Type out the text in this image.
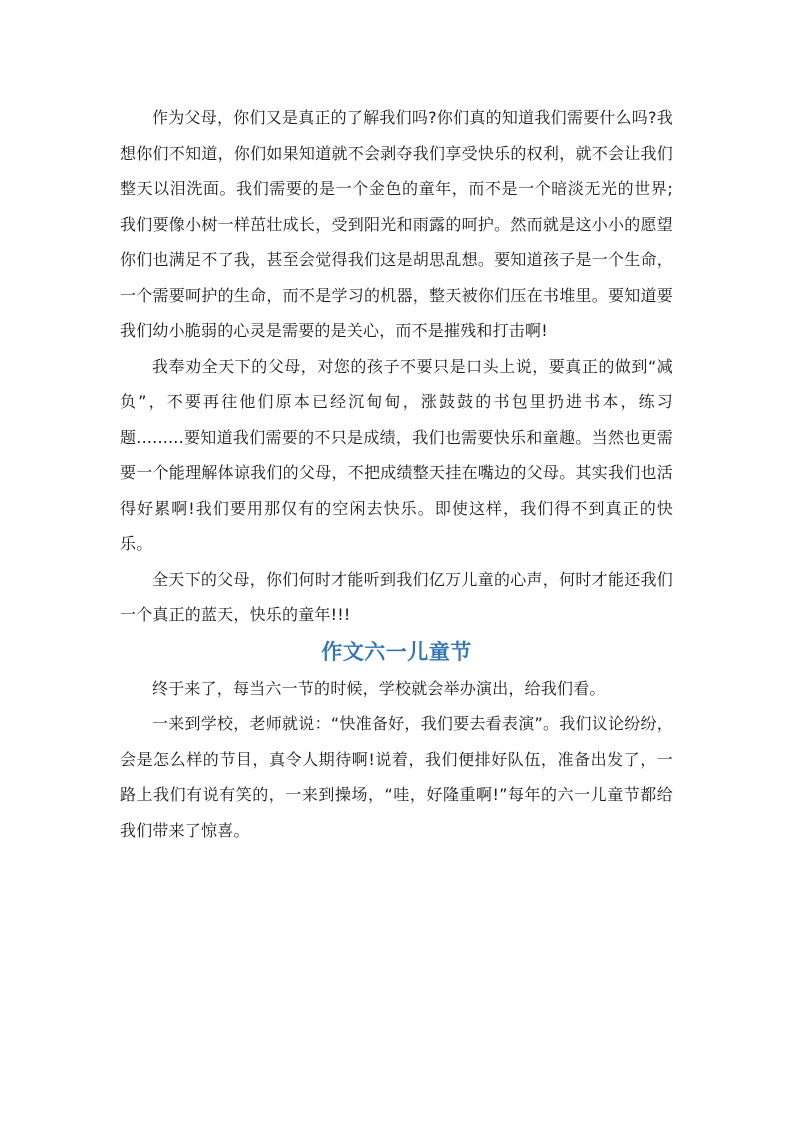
作为父母，你们又是真正的了解我们吗?你们真的知道我们需要什么吗?我想你们不知道，你们如果知道就不会剥夺我们享受快乐的权利，就不会让我们整天以泪洗面。我们需要的是一个金色的童年，而不是一个暗淡无光的世界;我们要像小树一样茁壮成长，受到阳光和雨露的呵护。然而就是这小小的愿望你们也满足不了我，甚至会觉得我们这是胡思乱想。要知道孩子是一个生命，一个需要呵护的生命，而不是学习的机器，整天被你们压在书堆里。要知道要我们幼小脆弱的心灵是需要的是关心，而不是摧残和打击啊!

我奉劝全天下的父母，对您的孩子不要只是口头上说，要真正的做到“减负”，不要再往他们原本已经沉甸甸，涨鼓鼓的书包里扔进书本，练习题.........要知道我们需要的不只是成绩，我们也需要快乐和童趣。当然也更需要一个能理解体谅我们的父母，不把成绩整天挂在嘴边的父母。其实我们也活得好累啊!我们要用那仅有的空闲去快乐。即使这样，我们得不到真正的快乐。

全天下的父母，你们何时才能听到我们亿万儿童的心声，何时才能还我们一个真正的蓝天，快乐的童年!!!

作文六一儿童节

终于来了，每当六一节的时候，学校就会举办演出，给我们看。

一来到学校，老师就说：“快准备好，我们要去看表演”。我们议论纷纷，会是怎么样的节目，真令人期待啊!说着，我们便排好队伍，准备出发了，一路上我们有说有笑的，一来到操场，“哇，好隆重啊!”每年的六一儿童节都给我们带来了惊喜。
